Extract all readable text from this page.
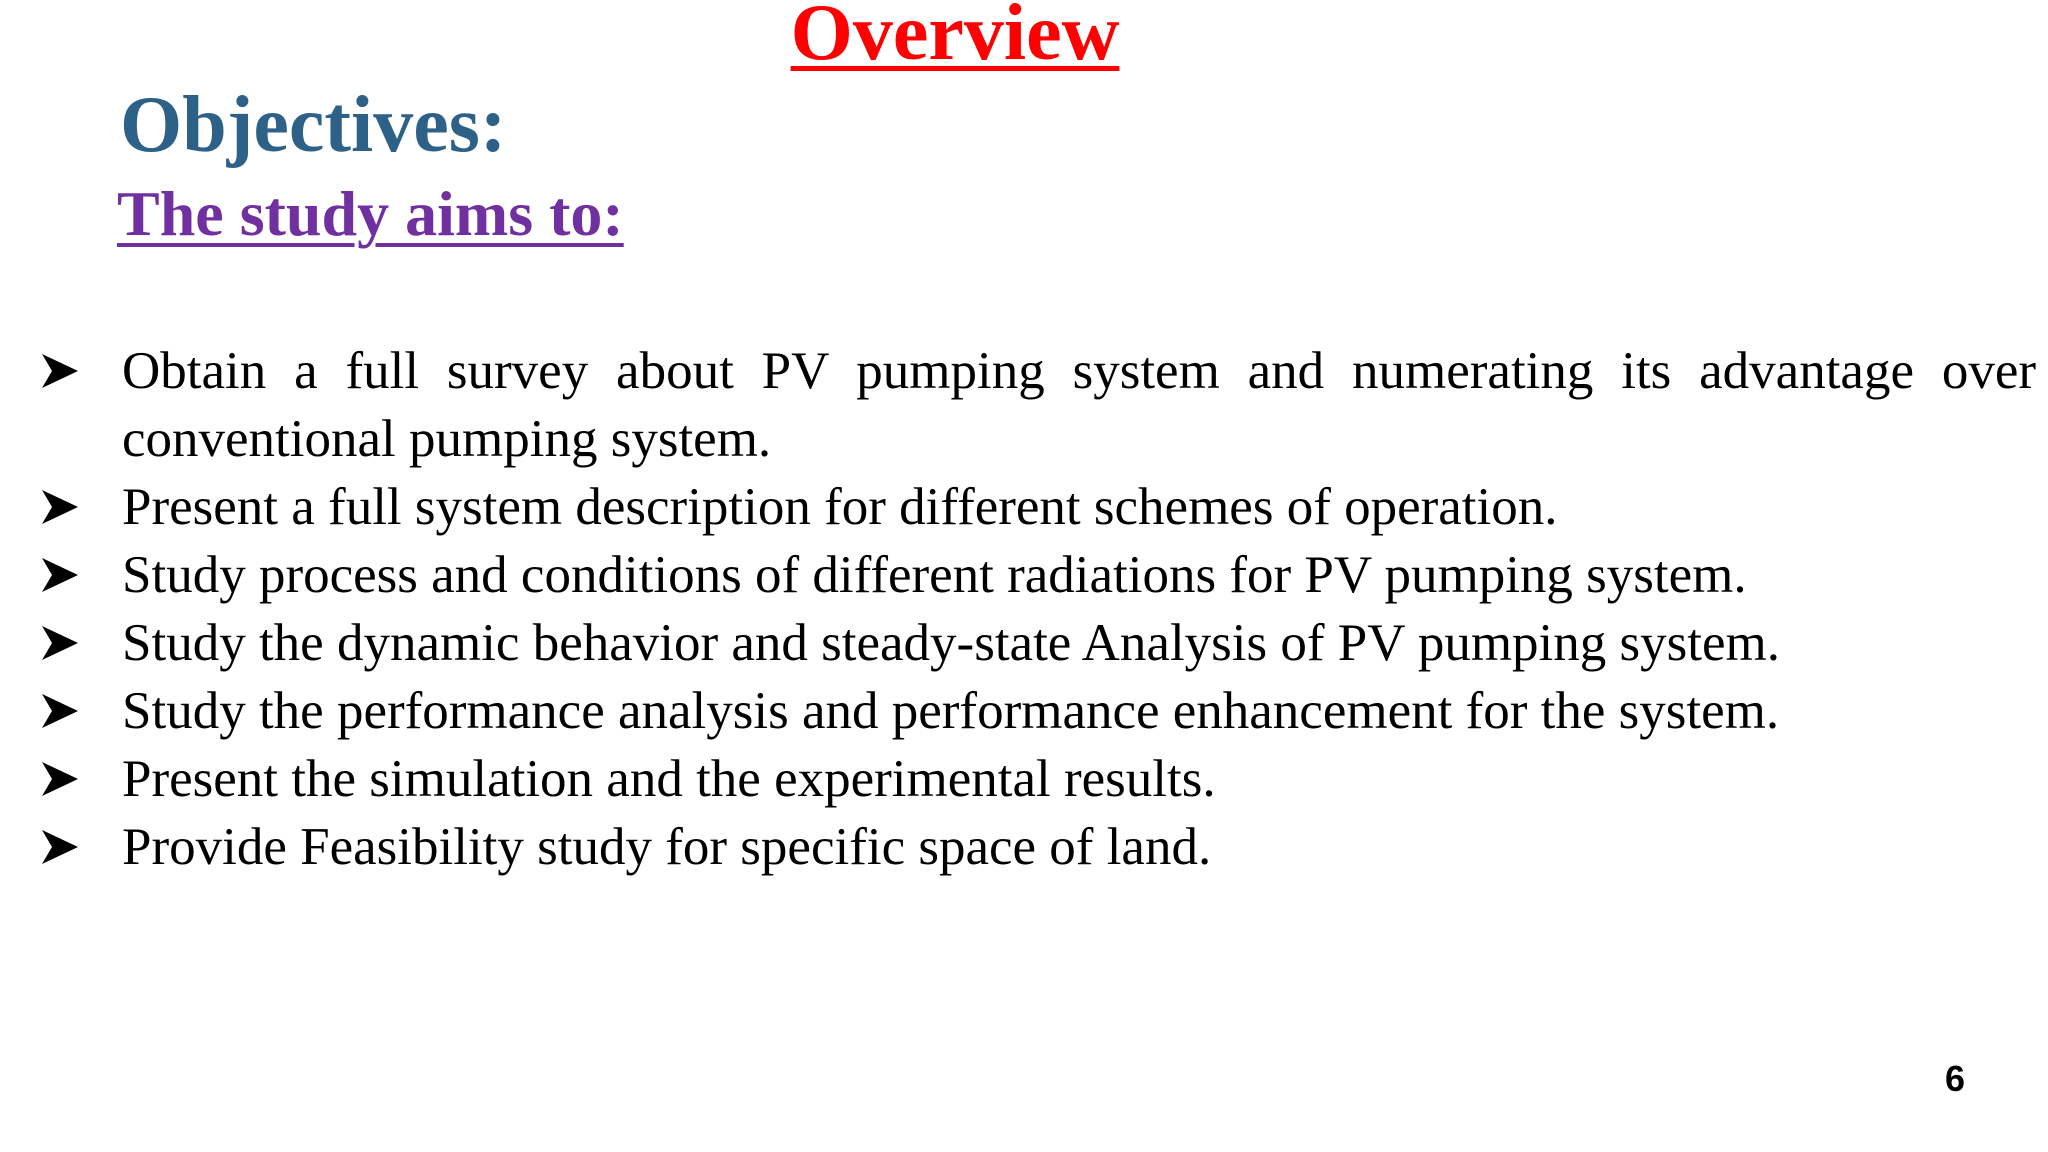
Overview
Objectives:
The study aims to:
Obtain a full survey about PV pumping system and numerating its advantage over conventional pumping system.
Present a full system description for different schemes of operation.
Study process and conditions of different radiations for PV pumping system.
Study the dynamic behavior and steady-state Analysis of PV pumping system.
Study the performance analysis and performance enhancement for the system.
Present the simulation and the experimental results.
Provide Feasibility study for specific space of land.
6
